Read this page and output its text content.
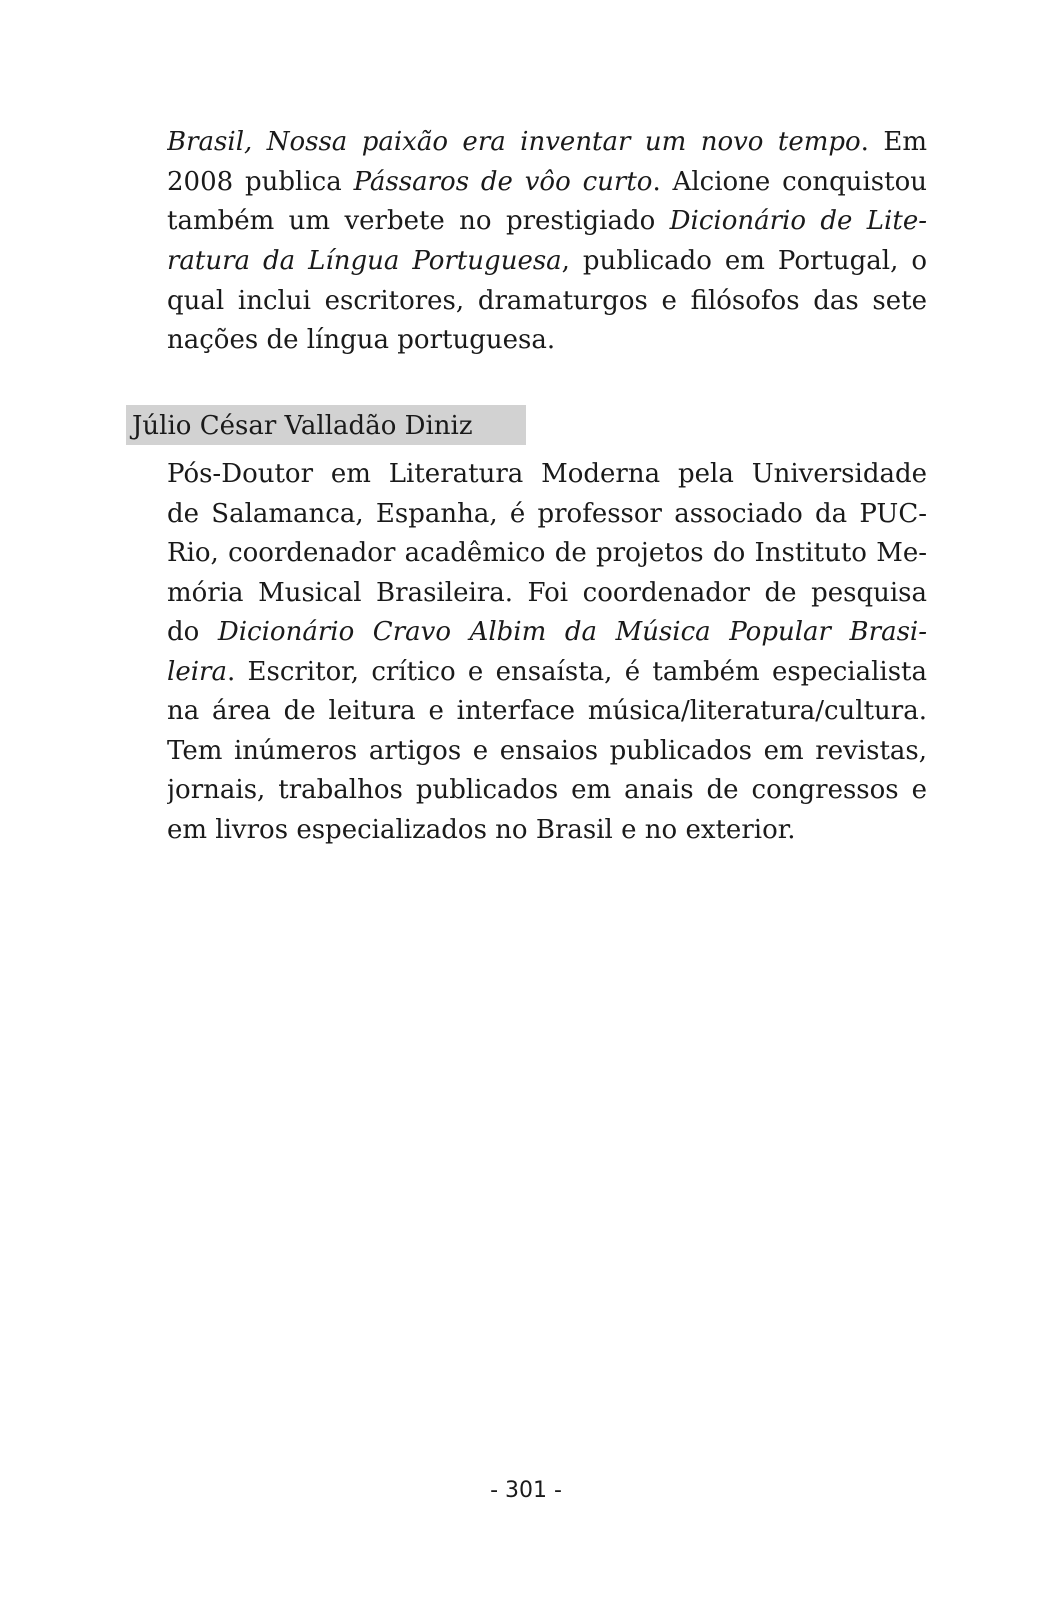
Brasil, Nossa paixão era inventar um novo tempo. Em
2008 publica Pássaros de vôo curto. Alcione conquistou
também um verbete no prestigiado Dicionário de Lite-
ratura da Língua Portuguesa, publicado em Portugal, o
qual inclui escritores, dramaturgos e filósofos das sete
nações de língua portuguesa.
Júlio César Valladão Diniz
Pós-Doutor em Literatura Moderna pela Universidade
de Salamanca, Espanha, é professor associado da PUC-
Rio, coordenador acadêmico de projetos do Instituto Me-
mória Musical Brasileira. Foi coordenador de pesquisa
do Dicionário Cravo Albim da Música Popular Brasi-
leira. Escritor, crítico e ensaísta, é também especialista
na área de leitura e interface música/literatura/cultura.
Tem inúmeros artigos e ensaios publicados em revistas,
jornais, trabalhos publicados em anais de congressos e
em livros especializados no Brasil e no exterior.
- 301 -
